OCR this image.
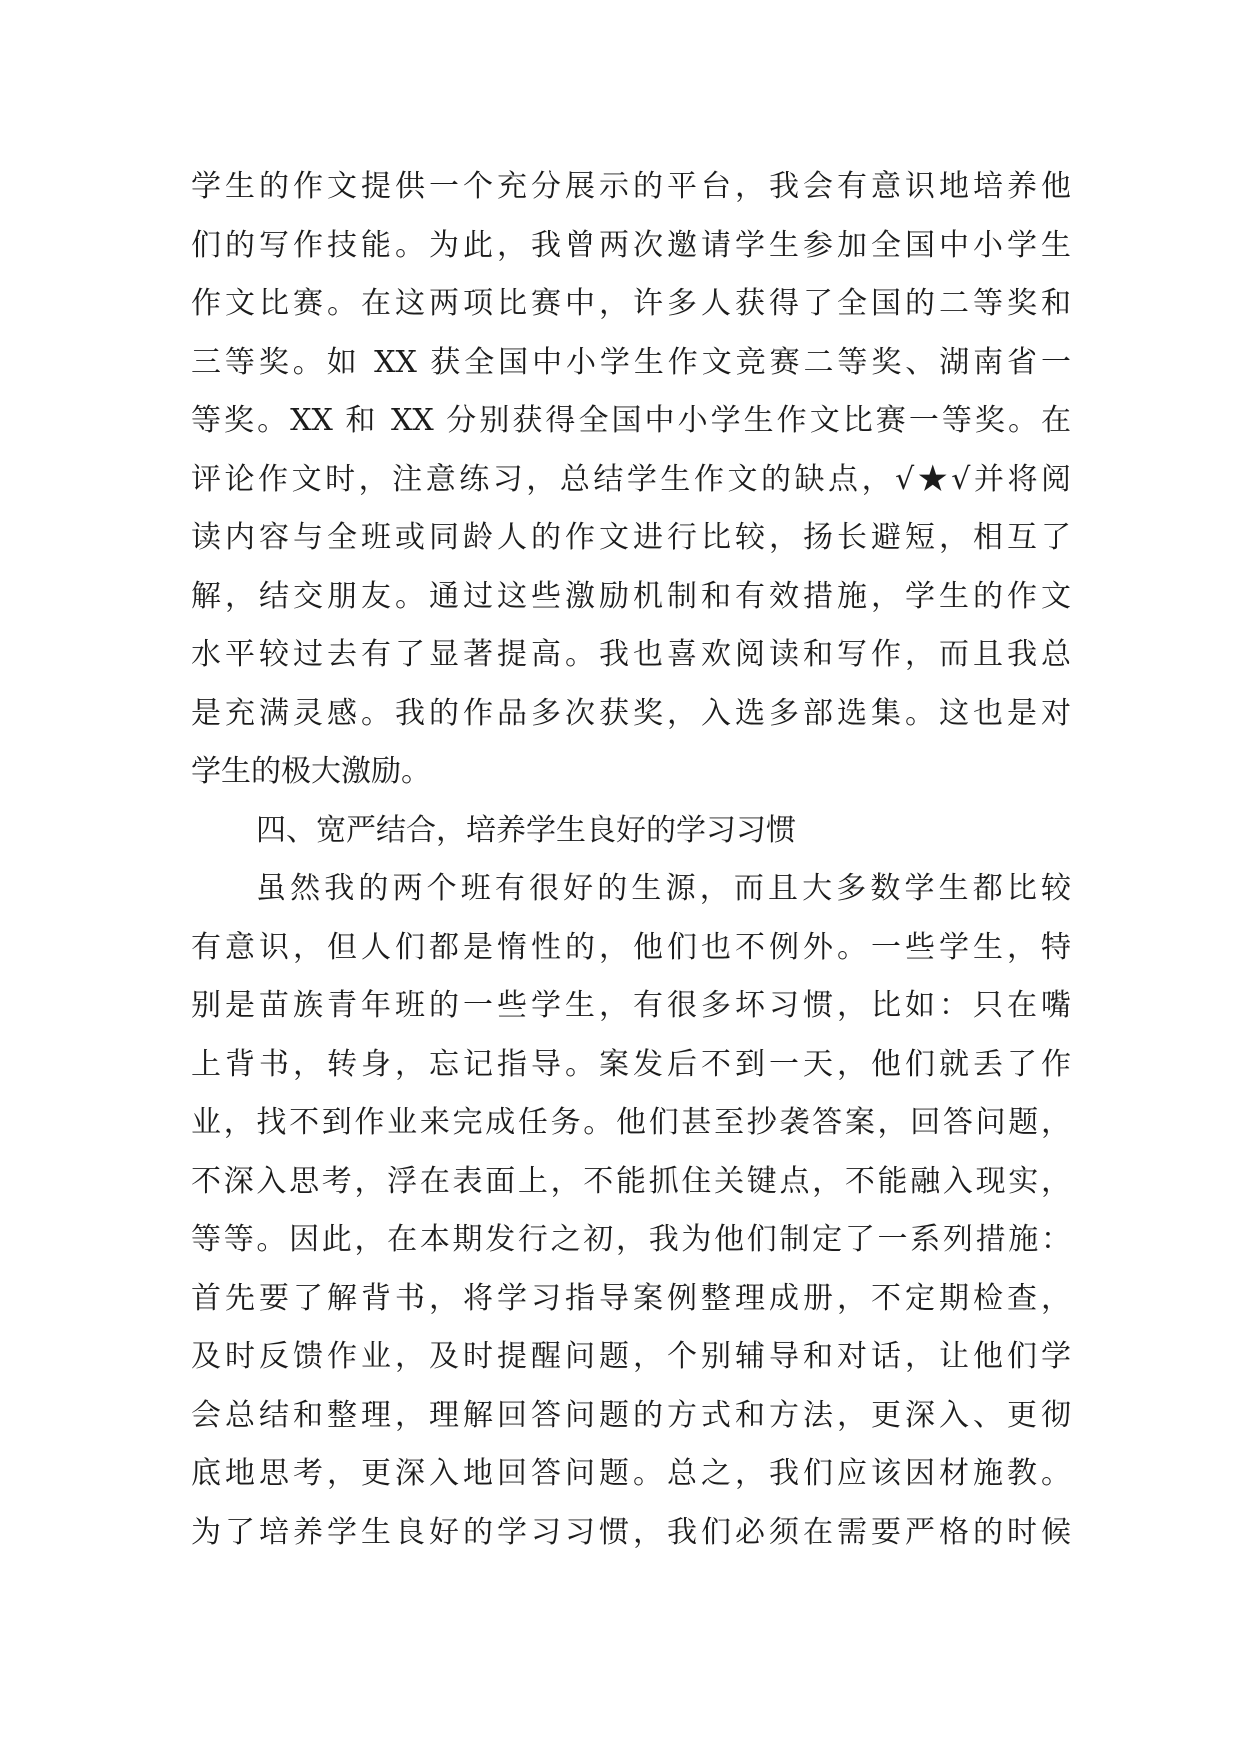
学生的作文提供一个充分展示的平台，我会有意识地培养他
们的写作技能。为此，我曾两次邀请学生参加全国中小学生
作文比赛。在这两项比赛中，许多人获得了全国的二等奖和
三等奖。如 XX 获全国中小学生作文竞赛二等奖、湖南省一
等奖。XX 和 XX 分别获得全国中小学生作文比赛一等奖。在
评论作文时，注意练习，总结学生作文的缺点，√★√并将阅
读内容与全班或同龄人的作文进行比较，扬长避短，相互了
解，结交朋友。通过这些激励机制和有效措施，学生的作文
水平较过去有了显著提高。我也喜欢阅读和写作，而且我总
是充满灵感。我的作品多次获奖，入选多部选集。这也是对
学生的极大激励。
四、宽严结合，培养学生良好的学习习惯
虽然我的两个班有很好的生源，而且大多数学生都比较
有意识，但人们都是惰性的，他们也不例外。一些学生，特
别是苗族青年班的一些学生，有很多坏习惯，比如：只在嘴
上背书，转身，忘记指导。案发后不到一天，他们就丢了作
业，找不到作业来完成任务。他们甚至抄袭答案，回答问题，
不深入思考，浮在表面上，不能抓住关键点，不能融入现实，
等等。因此，在本期发行之初，我为他们制定了一系列措施：
首先要了解背书，将学习指导案例整理成册，不定期检查，
及时反馈作业，及时提醒问题，个别辅导和对话，让他们学
会总结和整理，理解回答问题的方式和方法，更深入、更彻
底地思考，更深入地回答问题。总之，我们应该因材施教。
为了培养学生良好的学习习惯，我们必须在需要严格的时候
